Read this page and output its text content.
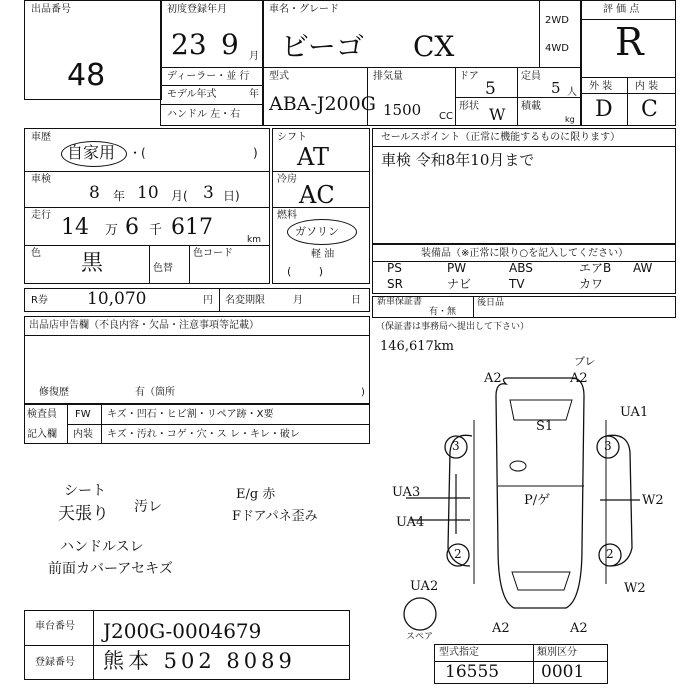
出品番号
48
初度登録年月
23 9 月
ディーラー・並 行
モデル年式	年
ハンドル 左・右
車名・グレード
ビーゴ CX
2WD
4WD
型式
ABA-J200G
排気量
1500 CC
ドア
5
定員
5 人
形状 W 積載
kg
評 価 点
R
外 装 内 装
D C
車歴
自家用 ・(	)
車検
8 年 10 月( 3 日)
走行 14 万 6 千 617	km
色 黒	色替
色コード
シフト
AT
冷房
AC
燃料
ガソリン
軽 油
( )
R券 10,070	円 名変期限	月	日
セールスポイント（正常に機能するものに限ります）
車検 令和8年10月まで
装備品（※正常に限り○を記入してください）
PS	PW	ABS	エアB AW
SR	ナビ	TV	カワ
新車保証書
有・無
後日品
出品店申告欄（不良内容・欠品・注意事項等記載）
修復歴	有（箇所	)
検査員
記入欄
FW キズ・凹石・ヒビ割・リペア跡・X要
内装 キズ・汚れ・コゲ・穴・ス レ・キレ・破レ
シート
天張り 汚レ
ハンドルスレ
前面カバーアセキズ
E/g 赤
Fドアパネ歪み
（保証書は事務局へ提出して下さい）
146,617km
ブレ
A2	A2
S1
UA1
UA3
UA4
P/ゲ	W2
UA2	W2
A2	A2
3	3
2	2
スペア
型式指定	類別区分
16555 0001
車台番号 J200G-0004679
登録番号 熊本 502 8089
